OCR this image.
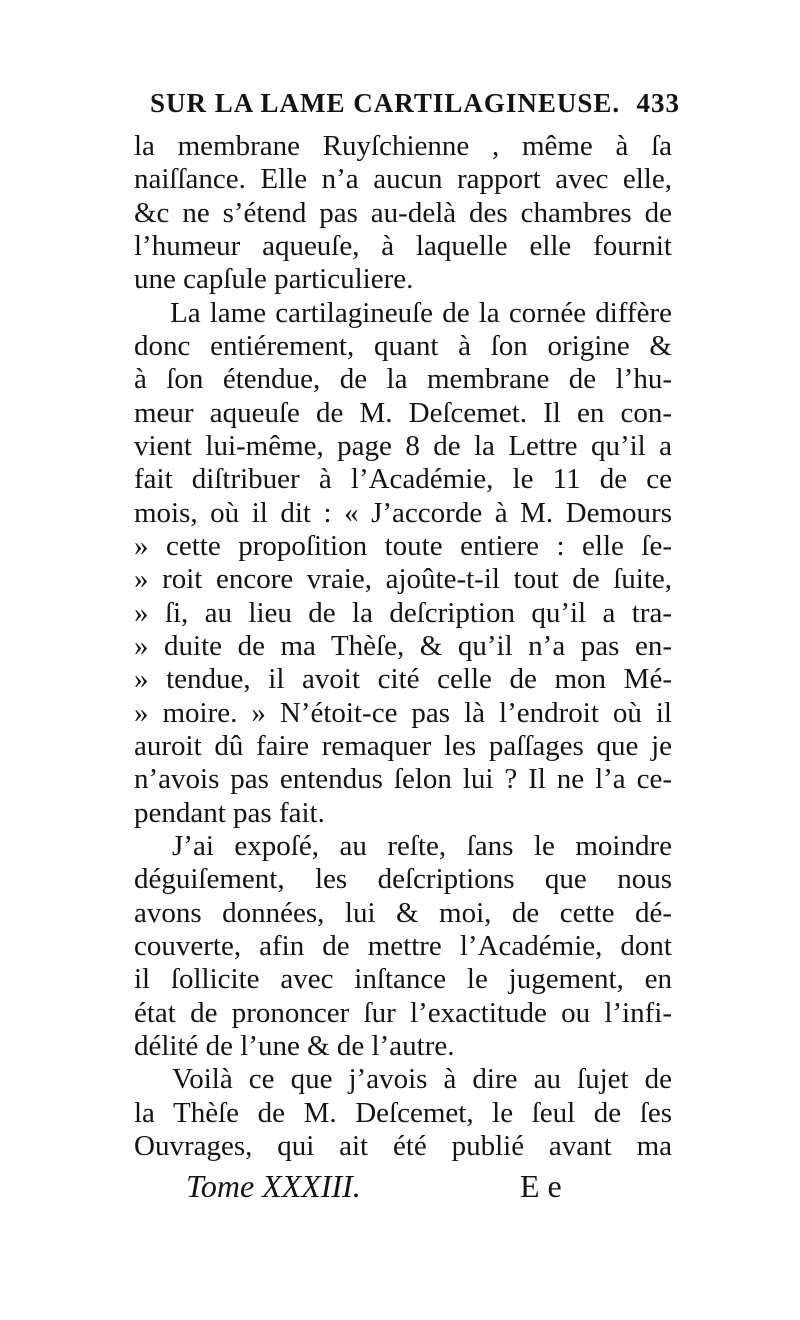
SUR LA LAME CARTILAGINEUSE. 433
la membrane Ruyſchienne , même à ſa
naiſſance. Elle n’a aucun rapport avec elle,
&c ne s’étend pas au-delà des chambres de
l’humeur aqueuſe, à laquelle elle fournit
une capſule particuliere.
La lame cartilagineuſe de la cornée diffère
donc entiérement, quant à ſon origine &
à ſon étendue, de la membrane de l’hu-
meur aqueuſe de M. Deſcemet. Il en con-
vient lui-même, page 8 de la Lettre qu’il a
fait diſtribuer à l’Académie, le 11 de ce
mois, où il dit : « J’accorde à M. Demours
» cette propoſition toute entiere : elle ſe-
» roit encore vraie, ajoûte-t-il tout de ſuite,
» ſi, au lieu de la deſcription qu’il a tra-
» duite de ma Thèſe, & qu’il n’a pas en-
» tendue, il avoit cité celle de mon Mé-
» moire. » N’étoit-ce pas là l’endroit où il
auroit dû faire remaquer les paſſages que je
n’avois pas entendus ſelon lui ? Il ne l’a ce-
pendant pas fait.
J’ai expoſé, au reſte, ſans le moindre
déguiſement, les deſcriptions que nous
avons données, lui & moi, de cette dé-
couverte, afin de mettre l’Académie, dont
il ſollicite avec inſtance le jugement, en
état de prononcer ſur l’exactitude ou l’infi-
délité de l’une & de l’autre.
Voilà ce que j’avois à dire au ſujet de
la Thèſe de M. Deſcemet, le ſeul de ſes
Ouvrages, qui ait été publié avant ma
Tome XXXIII.	E e
